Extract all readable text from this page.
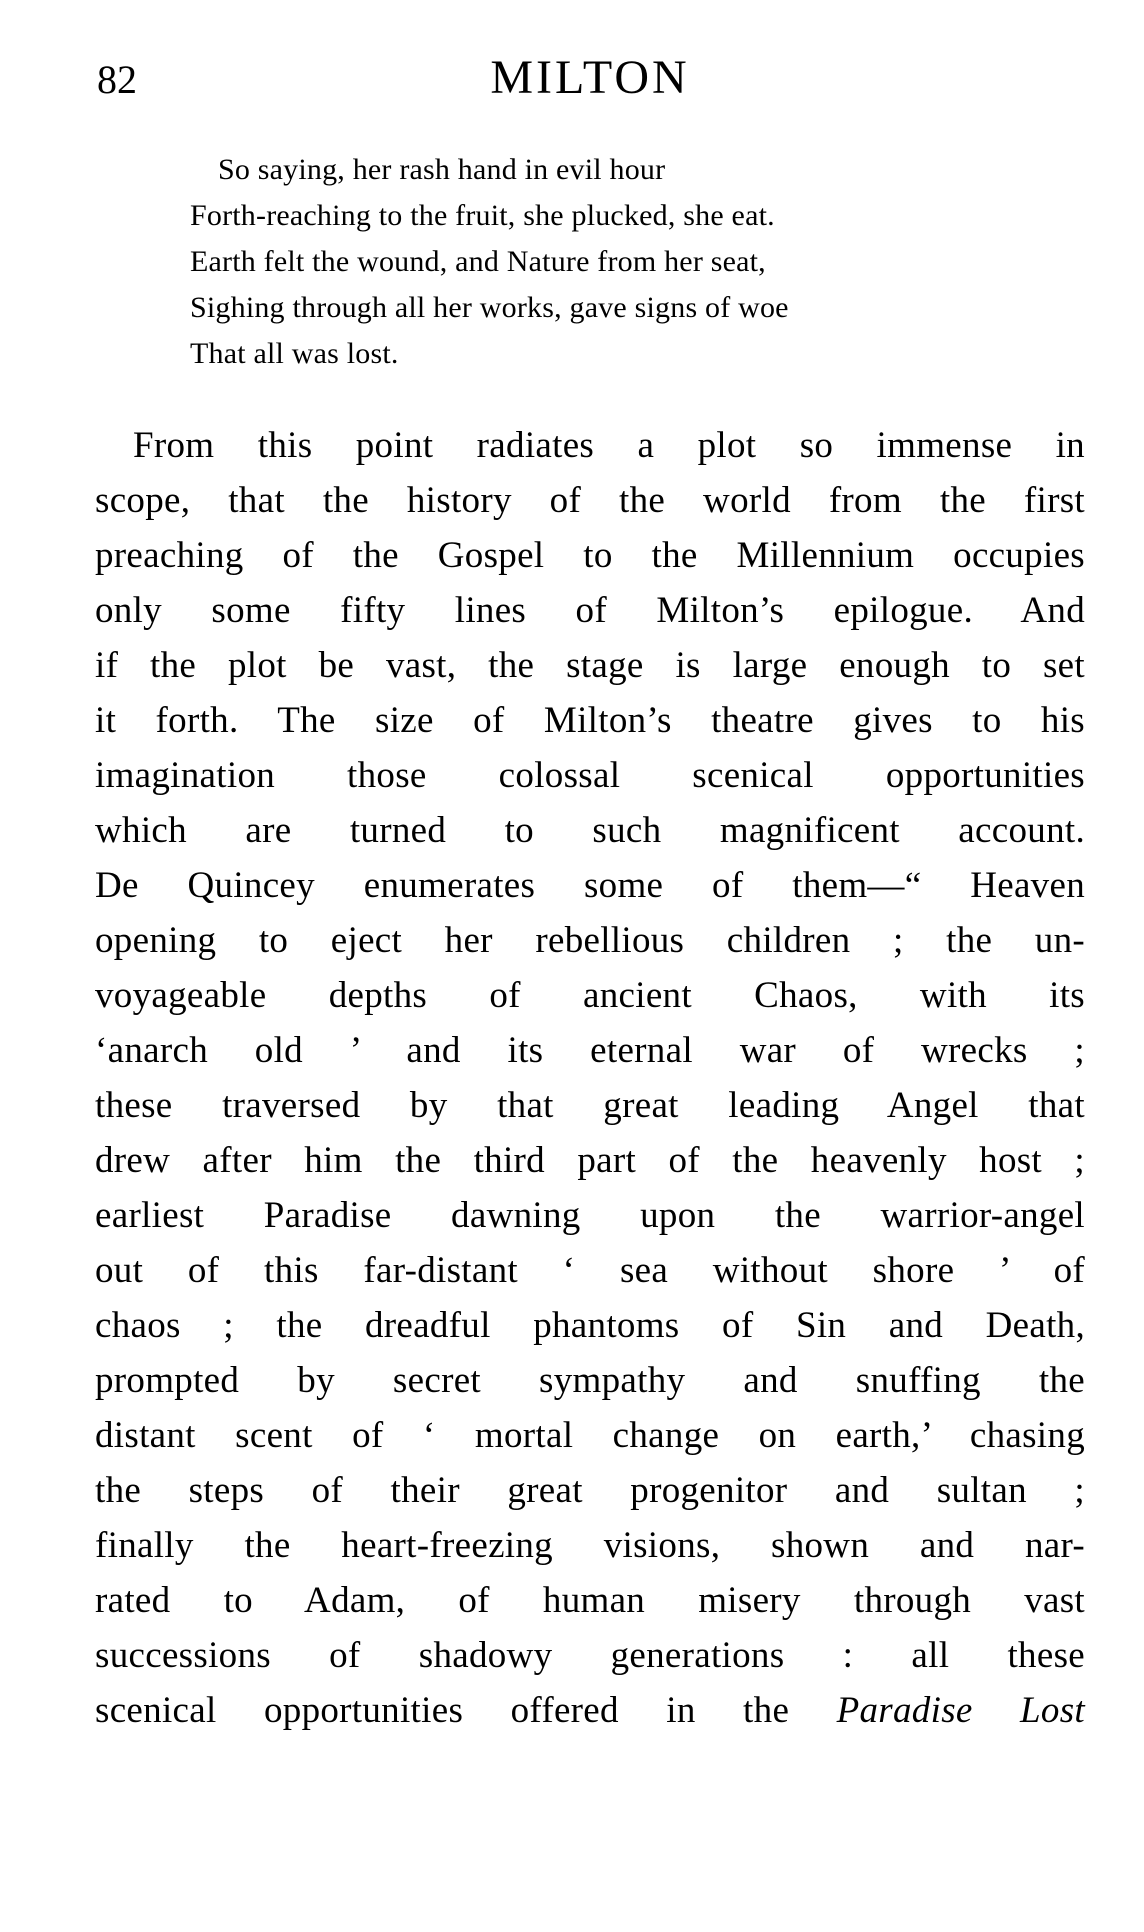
82	MILTON
So saying, her rash hand in evil hour
Forth-reaching to the fruit, she plucked, she eat.
Earth felt the wound, and Nature from her seat,
Sighing through all her works, gave signs of woe
That all was lost.
From this point radiates a plot so immense in
scope, that the history of the world from the first
preaching of the Gospel to the Millennium occupies
only some fifty lines of Milton’s epilogue. And
if the plot be vast, the stage is large enough to set
it forth. The size of Milton’s theatre gives to his
imagination those colossal scenical opportunities
which are turned to such magnificent account.
De Quincey enumerates some of them—“ Heaven
opening to eject her rebellious children ; the un-
voyageable depths of ancient Chaos, with its
‘anarch old ’ and its eternal war of wrecks ;
these traversed by that great leading Angel that
drew after him the third part of the heavenly host ;
earliest Paradise dawning upon the warrior-angel
out of this far-distant ‘ sea without shore ’ of
chaos ; the dreadful phantoms of Sin and Death,
prompted by secret sympathy and snuffing the
distant scent of ‘ mortal change on earth,’ chasing
the steps of their great progenitor and sultan ;
finally the heart-freezing visions, shown and nar-
rated to Adam, of human misery through vast
successions of shadowy generations : all these
scenical opportunities offered in the Paradise Lost
